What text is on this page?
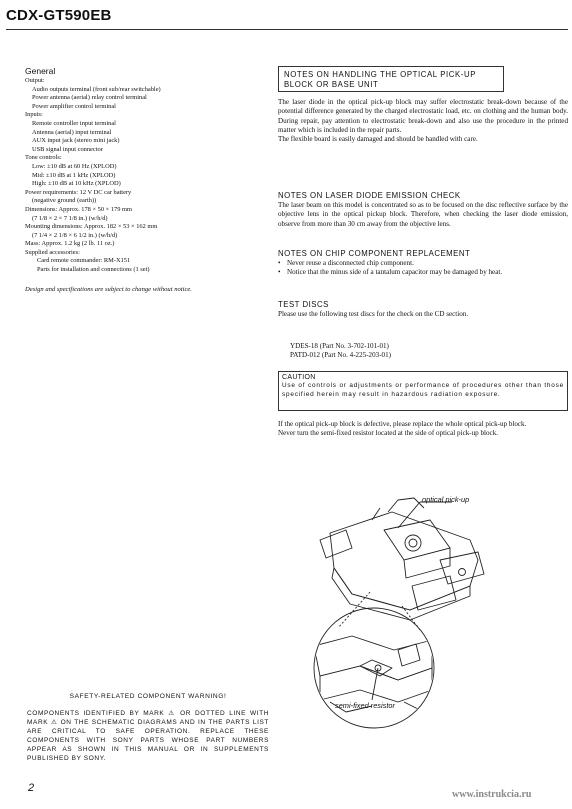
CDX-GT590EB
General
Output:
Audio outputs terminal (front sub/rear switchable)
Power antenna (aerial) relay control terminal
Power amplifier control terminal
Inputs:
Remote controller input terminal
Antenna (aerial) input terminal
AUX input jack (stereo mini jack)
USB signal input connector
Tone controls:
Low: ±10 dB at 60 Hz (XPLOD)
Mid: ±10 dB at 1 kHz (XPLOD)
High: ±10 dB at 10 kHz (XPLOD)
Power requirements: 12 V DC car battery
(negative ground (earth))
Dimensions: Approx. 178 × 50 × 179 mm
(7 1/8 × 2 × 7 1/8 in.) (w/h/d)
Mounting dimensions: Approx. 182 × 53 × 162 mm
(7 1/4 × 2 1/8 × 6 1/2 in.) (w/h/d)
Mass: Approx. 1.2 kg (2 lb. 11 oz.)
Supplied accessories:
Card remote commander: RM-X151
Parts for installation and connections (1 set)
Design and specifications are subject to change without notice.
NOTES ON HANDLING THE OPTICAL PICK-UP BLOCK OR BASE UNIT
The laser diode in the optical pick-up block may suffer electrostatic break-down because of the potential difference generated by the charged electrostatic load, etc. on clothing and the human body. During repair, pay attention to electrostatic break-down and also use the procedure in the printed matter which is included in the repair parts.
The flexible board is easily damaged and should be handled with care.
NOTES ON LASER DIODE EMISSION CHECK
The laser beam on this model is concentrated so as to be focused on the disc reflective surface by the objective lens in the optical pickup block. Therefore, when checking the laser diode emission, observe from more than 30 cm away from the objective lens.
NOTES ON CHIP COMPONENT REPLACEMENT
• Never reuse a disconnected chip component.
• Notice that the minus side of a tantalum capacitor may be damaged by heat.
TEST DISCS
Please use the following test discs for the check on the CD section.
YDES-18 (Part No. 3-702-101-01)
PATD-012 (Part No. 4-225-203-01)
CAUTION
Use of controls or adjustments or performance of procedures other than those specified herein may result in hazardous radiation exposure.
If the optical pick-up block is defective, please replace the whole optical pick-up block.
Never turn the semi-fixed resistor located at the side of optical pick-up block.
optical pick-up
semi-fixed resistor
SAFETY-RELATED COMPONENT WARNING!
COMPONENTS IDENTIFIED BY MARK ⚠ OR DOTTED LINE WITH MARK ⚠ ON THE SCHEMATIC DIAGRAMS AND IN THE PARTS LIST ARE CRITICAL TO SAFE OPERATION. REPLACE THESE COMPONENTS WITH SONY PARTS WHOSE PART NUMBERS APPEAR AS SHOWN IN THIS MANUAL OR IN SUPPLEMENTS PUBLISHED BY SONY.
2
www.instrukcia.ru
